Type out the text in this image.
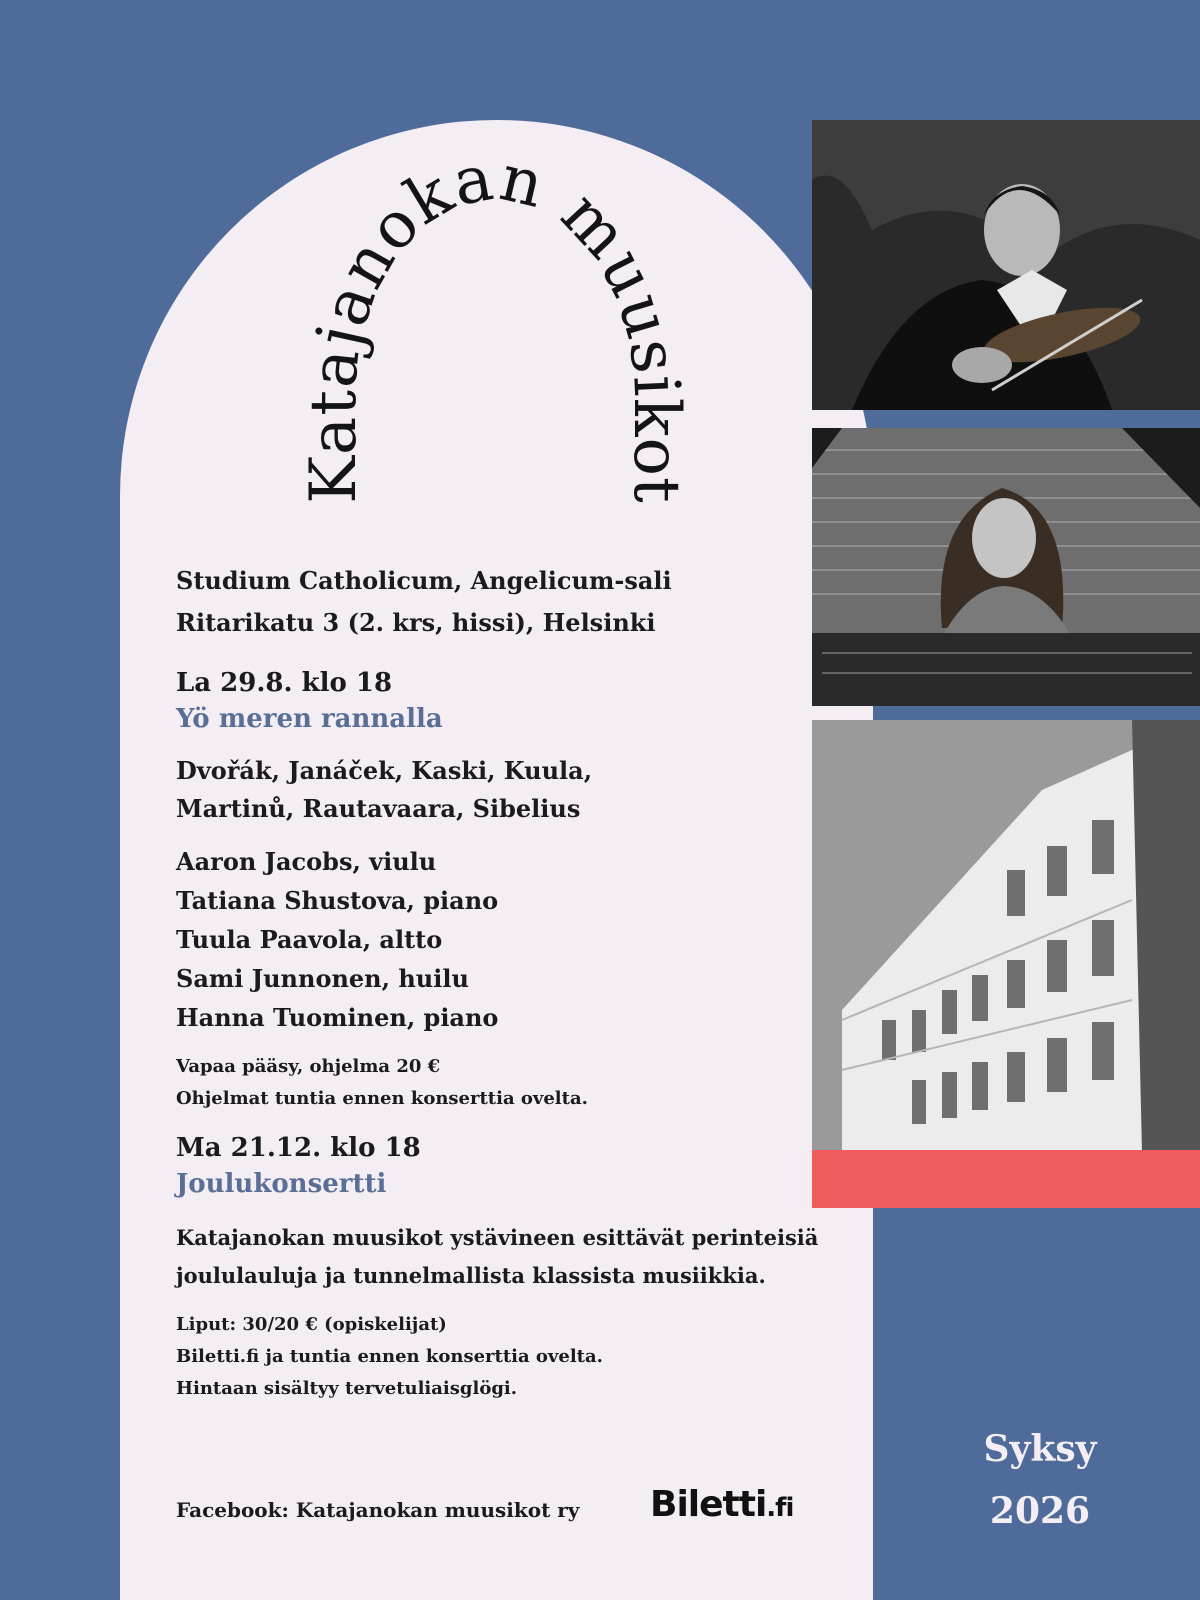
Katajanokan muusikot
Studium Catholicum, Angelicum-sali
Ritarikatu 3 (2. krs, hissi), Helsinki
La 29.8. klo 18
Yö meren rannalla
Dvořák, Janáček, Kaski, Kuula,
Martinů, Rautavaara, Sibelius
Aaron Jacobs, viulu
Tatiana Shustova, piano
Tuula Paavola, altto
Sami Junnonen, huilu
Hanna Tuominen, piano
Vapaa pääsy, ohjelma 20 €
Ohjelmat tuntia ennen konserttia ovelta.
Ma 21.12. klo 18
Joulukonsertti
Katajanokan muusikot ystävineen esittävät perinteisiä
joululauluja ja tunnelmallista klassista musiikkia.
Liput: 30/20 € (opiskelijat)
Biletti.fi ja tuntia ennen konserttia ovelta.
Hintaan sisältyy tervetuliaisglögi.
Facebook: Katajanokan muusikot ry Biletti.fi
Syksy
2026
